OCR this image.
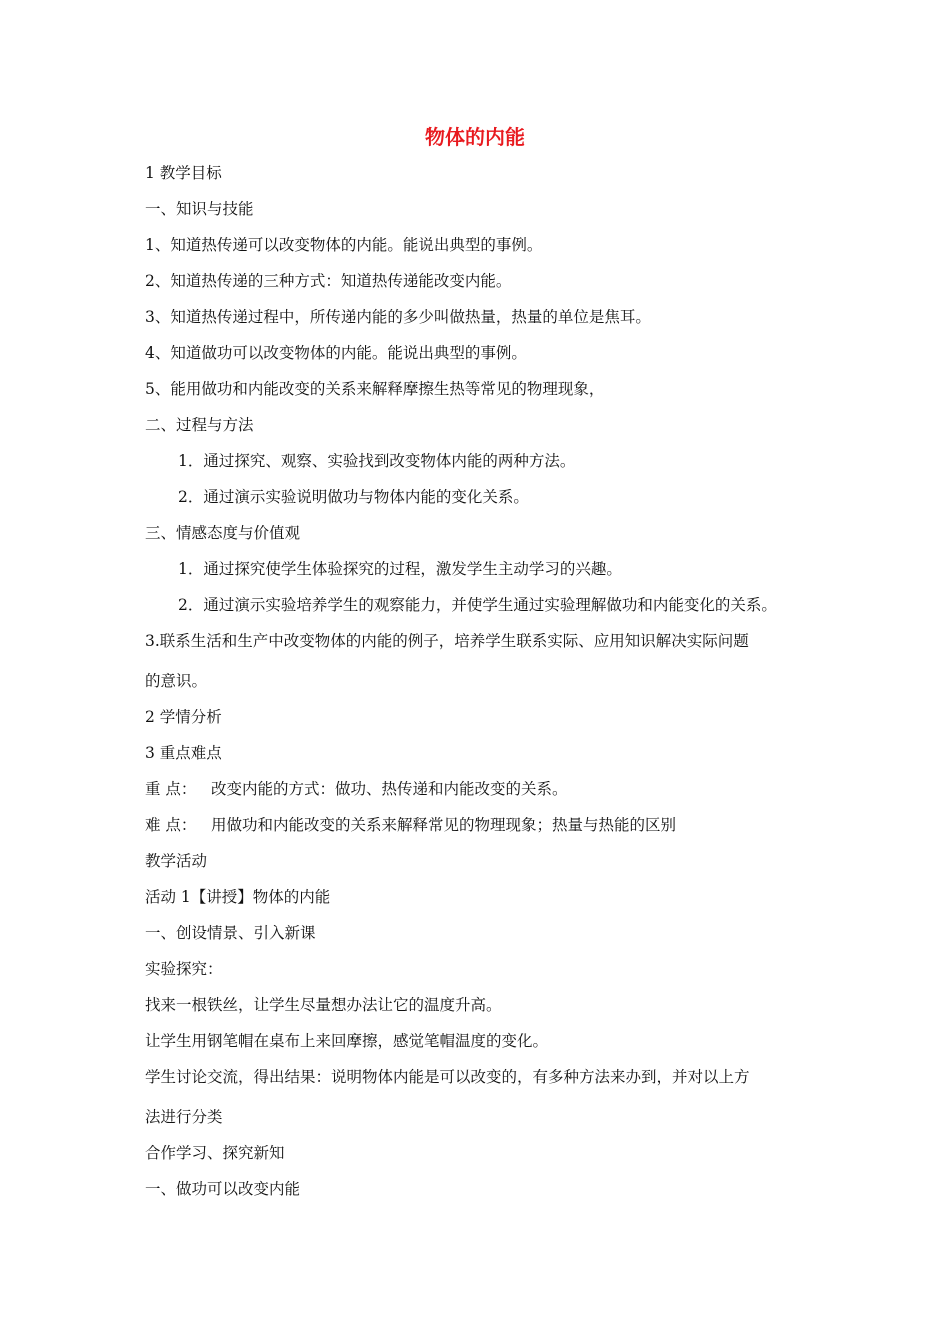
物体的内能
1 教学目标
一、知识与技能
1、知道热传递可以改变物体的内能。能说出典型的事例。
2、知道热传递的三种方式：知道热传递能改变内能。
3、知道热传递过程中，所传递内能的多少叫做热量，热量的单位是焦耳。
4、知道做功可以改变物体的内能。能说出典型的事例。
5、能用做功和内能改变的关系来解释摩擦生热等常见的物理现象，
二、过程与方法
1．通过探究、观察、实验找到改变物体内能的两种方法。
2．通过演示实验说明做功与物体内能的变化关系。
三、情感态度与价值观
1．通过探究使学生体验探究的过程，激发学生主动学习的兴趣。
2．通过演示实验培养学生的观察能力，并使学生通过实验理解做功和内能变化的关系。
3.联系生活和生产中改变物体的内能的例子，培养学生联系实际、应用知识解决实际问题
的意识。
2 学情分析
3 重点难点
重 点： 改变内能的方式：做功、热传递和内能改变的关系。
难 点： 用做功和内能改变的关系来解释常见的物理现象；热量与热能的区别
教学活动
活动 1【讲授】物体的内能
一、创设情景、引入新课
实验探究：
找来一根铁丝，让学生尽量想办法让它的温度升高。
让学生用钢笔帽在桌布上来回摩擦，感觉笔帽温度的变化。
学生讨论交流，得出结果：说明物体内能是可以改变的，有多种方法来办到，并对以上方
法进行分类
合作学习、探究新知
一、做功可以改变内能
